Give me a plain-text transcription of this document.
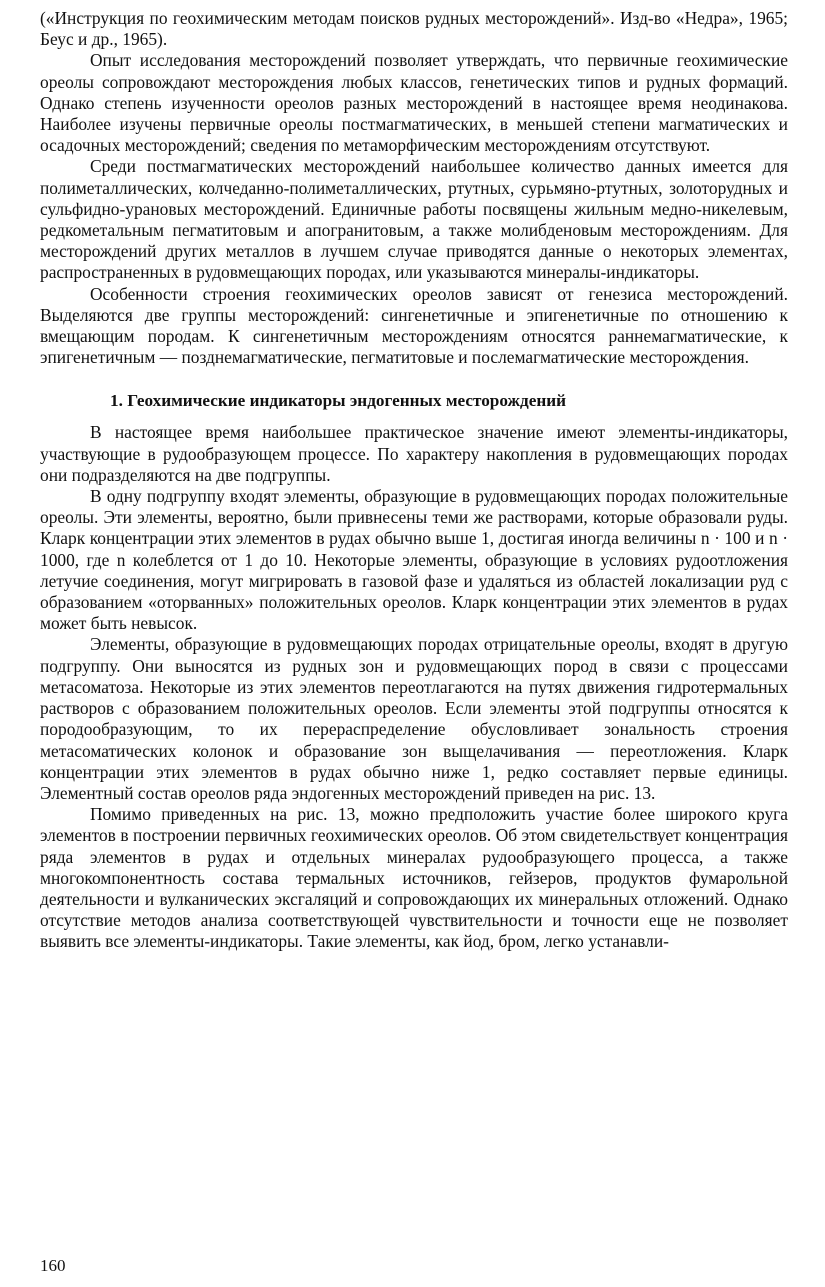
(«Инструкция по геохимическим методам поисков рудных месторождений». Изд-во «Недра», 1965; Беус и др., 1965).

Опыт исследования месторождений позволяет утверждать, что первичные геохимические ореолы сопровождают месторождения любых классов, генетических типов и рудных формаций. Однако степень изученности ореолов разных месторождений в настоящее время неодинакова. Наиболее изучены первичные ореолы постмагматических, в меньшей степени магматических и осадочных месторождений; сведения по метаморфическим месторождениям отсутствуют.

Среди постмагматических месторождений наибольшее количество данных имеется для полиметаллических, колчеданно-полиметаллических, ртутных, сурьмяно-ртутных, золоторудных и сульфидно-урановых месторождений. Единичные работы посвящены жильным медно-никелевым, редкометальным пегматитовым и апогранитовым, а также молибденовым месторождениям. Для месторождений других металлов в лучшем случае приводятся данные о некоторых элементах, распространенных в рудовмещающих породах, или указываются минералы-индикаторы.

Особенности строения геохимических ореолов зависят от генезиса месторождений. Выделяются две группы месторождений: сингенетичные и эпигенетичные по отношению к вмещающим породам. К сингенетичным месторождениям относятся раннемагматические, к эпигенетичным — позднемагматические, пегматитовые и послемагматические месторождения.

1. Геохимические индикаторы эндогенных месторождений

В настоящее время наибольшее практическое значение имеют элементы-индикаторы, участвующие в рудообразующем процессе. По характеру накопления в рудовмещающих породах они подразделяются на две подгруппы.

В одну подгруппу входят элементы, образующие в рудовмещающих породах положительные ореолы. Эти элементы, вероятно, были привнесены теми же растворами, которые образовали руды. Кларк концентрации этих элементов в рудах обычно выше 1, достигая иногда величины n · 100 и n · 1000, где n колеблется от 1 до 10. Некоторые элементы, образующие в условиях рудоотложения летучие соединения, могут мигрировать в газовой фазе и удаляться из областей локализации руд с образованием «оторванных» положительных ореолов. Кларк концентрации этих элементов в рудах может быть невысок.

Элементы, образующие в рудовмещающих породах отрицательные ореолы, входят в другую подгруппу. Они выносятся из рудных зон и рудовмещающих пород в связи с процессами метасоматоза. Некоторые из этих элементов переотлагаются на путях движения гидротермальных растворов с образованием положительных ореолов. Если элементы этой подгруппы относятся к породообразующим, то их перераспределение обусловливает зональность строения метасоматических колонок и образование зон выщелачивания — переотложения. Кларк концентрации этих элементов в рудах обычно ниже 1, редко составляет первые единицы. Элементный состав ореолов ряда эндогенных месторождений приведен на рис. 13.

Помимо приведенных на рис. 13, можно предположить участие более широкого круга элементов в построении первичных геохимических ореолов. Об этом свидетельствует концентрация ряда элементов в рудах и отдельных минералах рудообразующего процесса, а также многокомпонентность состава термальных источников, гейзеров, продуктов фумарольной деятельности и вулканических эксгаляций и сопровождающих их минеральных отложений. Однако отсутствие методов анализа соответствующей чувствительности и точности еще не позволяет выявить все элементы-индикаторы. Такие элементы, как йод, бром, легко устанавли-

160
